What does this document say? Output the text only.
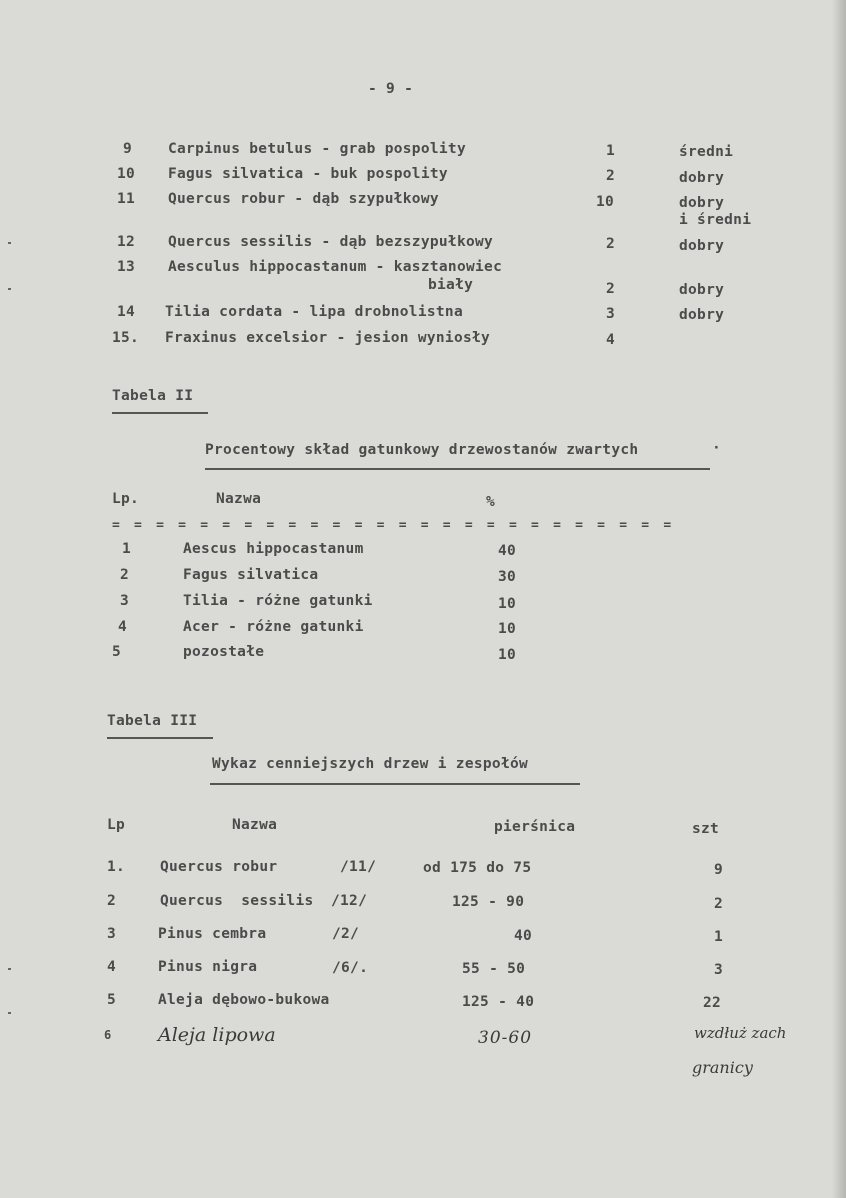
- 9 -
9 Carpinus betulus - grab pospolity	1	średni
10 Fagus silvatica - buk pospolity	2	dobry
11 Quercus robur - dąb szypułkowy	10	dobry
i średni
12 Quercus sessilis - dąb bezszypułkowy	2	dobry
13 Aesculus hippocastanum - kasztanowiec
biały	2	dobry
14 Tilia cordata - lipa drobnolistna	3	dobry
15. Fraxinus excelsior - jesion wyniosły	4
Tabela II
Procentowy skład gatunkowy drzewostanów zwartych	·
Lp.	Nazwa	%
= = = = = = = = = = = = = = = = = = = = = = = = = =
1	Aescus hippocastanum	40
2	Fagus silvatica	30
3	Tilia - różne gatunki	10
4	Acer - różne gatunki	10
5	pozostałe	10
Tabela III
Wykaz cenniejszych drzew i zespołów
Lp	Nazwa	pierśnica	szt
1. Quercus robur	/11/	od 175 do 75	9
2	Quercus  sessilis /12/	125 - 90	2
3	Pinus cembra	/2/	40	1
4	Pinus nigra	/6/.	55 - 50	3
5	Aleja dębowo-bukowa	125 - 40	22
6 Aleja lipowa	30-60	wzdłuż zach
granicy
